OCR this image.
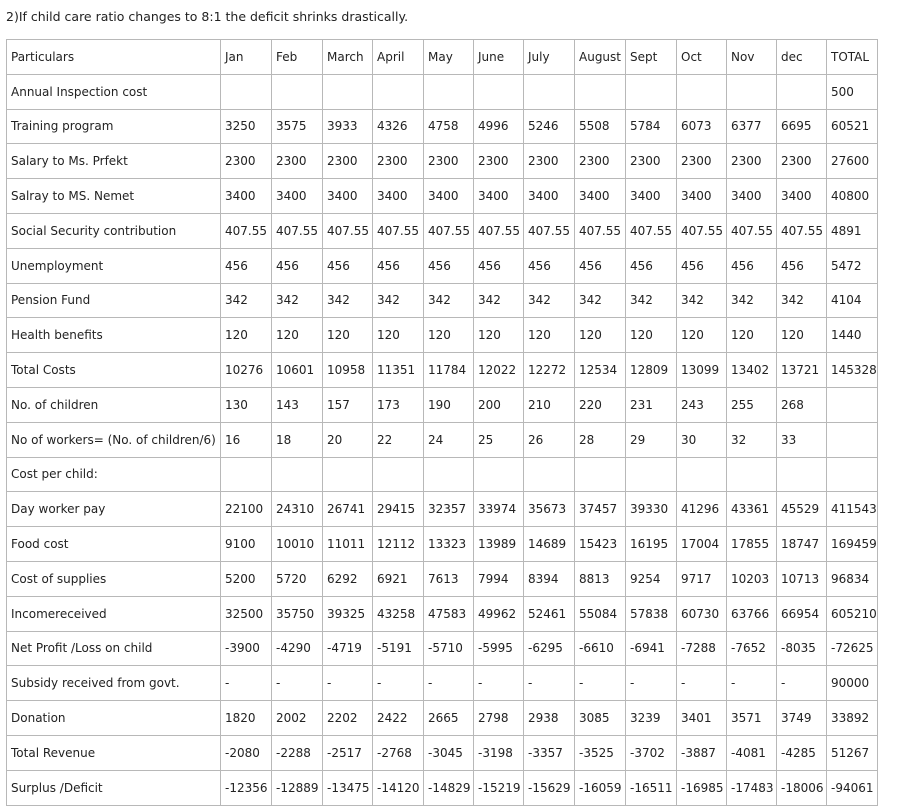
2)If child care ratio changes to 8:1 the deficit shrinks drastically.
Particulars	Jan	Feb	March	April	May	June	July	August	Sept	Oct	Nov	dec	TOTAL
Annual Inspection cost													500
Training program	3250	3575	3933	4326	4758	4996	5246	5508	5784	6073	6377	6695	60521
Salary to Ms. Prfekt	2300	2300	2300	2300	2300	2300	2300	2300	2300	2300	2300	2300	27600
Salray to MS. Nemet	3400	3400	3400	3400	3400	3400	3400	3400	3400	3400	3400	3400	40800
Social Security contribution	407.55	407.55	407.55	407.55	407.55	407.55	407.55	407.55	407.55	407.55	407.55	407.55	4891
Unemployment	456	456	456	456	456	456	456	456	456	456	456	456	5472
Pension Fund	342	342	342	342	342	342	342	342	342	342	342	342	4104
Health benefits	120	120	120	120	120	120	120	120	120	120	120	120	1440
Total Costs	10276	10601	10958	11351	11784	12022	12272	12534	12809	13099	13402	13721	145328
No. of children	130	143	157	173	190	200	210	220	231	243	255	268	
No of workers= (No. of children/6)	16	18	20	22	24	25	26	28	29	30	32	33	
Cost per child:													
Day worker pay	22100	24310	26741	29415	32357	33974	35673	37457	39330	41296	43361	45529	411543
Food cost	9100	10010	11011	12112	13323	13989	14689	15423	16195	17004	17855	18747	169459
Cost of supplies	5200	5720	6292	6921	7613	7994	8394	8813	9254	9717	10203	10713	96834
Incomereceived	32500	35750	39325	43258	47583	49962	52461	55084	57838	60730	63766	66954	605210
Net Profit /Loss on child	-3900	-4290	-4719	-5191	-5710	-5995	-6295	-6610	-6941	-7288	-7652	-8035	-72625
Subsidy received from govt.	-	-	-	-	-	-	-	-	-	-	-	-	90000
Donation	1820	2002	2202	2422	2665	2798	2938	3085	3239	3401	3571	3749	33892
Total Revenue	-2080	-2288	-2517	-2768	-3045	-3198	-3357	-3525	-3702	-3887	-4081	-4285	51267
Surplus /Deficit	-12356	-12889	-13475	-14120	-14829	-15219	-15629	-16059	-16511	-16985	-17483	-18006	-94061
